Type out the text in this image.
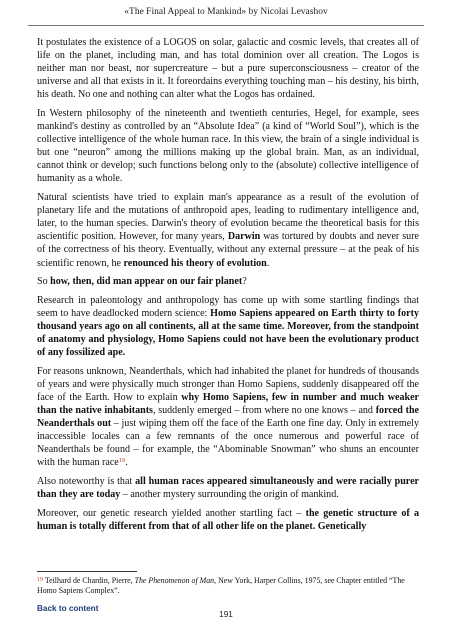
«The Final Appeal to Mankind» by Nicolai Levashov

It postulates the existence of a LOGOS on solar, galactic and cosmic levels, that creates all of life on the planet, including man, and has total dominion over all creation. The Logos is neither man nor beast, nor supercreature – but a pure superconsciousness – creator of the universe and all that exists in it. It foreordains everything touching man – his destiny, his birth, his death. No one and nothing can alter what the Logos has ordained.

In Western philosophy of the nineteenth and twentieth centuries, Hegel, for example, sees mankind's destiny as controlled by an “Absolute Idea” (a kind of “World Soul”), which is the collective intelligence of the whole human race. In this view, the brain of a single individual is but one “neuron” among the millions making up the global brain. Man, as an individual, cannot think or develop; such functions belong only to the (absolute) collective intelligence of humanity as a whole.

Natural scientists have tried to explain man's appearance as a result of the evolution of planetary life and the mutations of anthropoid apes, leading to rudimentary intelligence and, later, to the human species. Darwin's theory of evolution became the theoretical basis for this ascientific position. However, for many years, Darwin was tortured by doubts and never sure of the correctness of his theory. Eventually, without any external pressure – at the peak of his scientific renown, he renounced his theory of evolution.

So how, then, did man appear on our fair planet?

Research in paleontology and anthropology has come up with some startling findings that seem to have deadlocked modern science: Homo Sapiens appeared on Earth thirty to forty thousand years ago on all continents, all at the same time. Moreover, from the standpoint of anatomy and physiology, Homo Sapiens could not have been the evolutionary product of any fossilized ape.

For reasons unknown, Neanderthals, which had inhabited the planet for hundreds of thousands of years and were physically much stronger than Homo Sapiens, suddenly disappeared off the face of the Earth. How to explain why Homo Sapiens, few in number and much weaker than the native inhabitants, suddenly emerged – from where no one knows – and forced the Neanderthals out – just wiping them off the face of the Earth one fine day. Only in extremely inaccessible locales can a few remnants of the once numerous and powerful race of Neanderthals be found – for example, the “Abominable Snowman” who shuns an encounter with the human race$^{19}$.

Also noteworthy is that all human races appeared simultaneously and were racially purer than they are today – another mystery surrounding the origin of mankind.

Moreover, our genetic research yielded another startling fact – the genetic structure of a human is totally different from that of all other life on the planet. Genetically

$^{19}$ Teilhard de Chardin, Pierre, The Phenomenon of Man, New York, Harper Collins, 1975, see Chapter entitled “The Homo Sapiens Complex”.
Back to content
191
